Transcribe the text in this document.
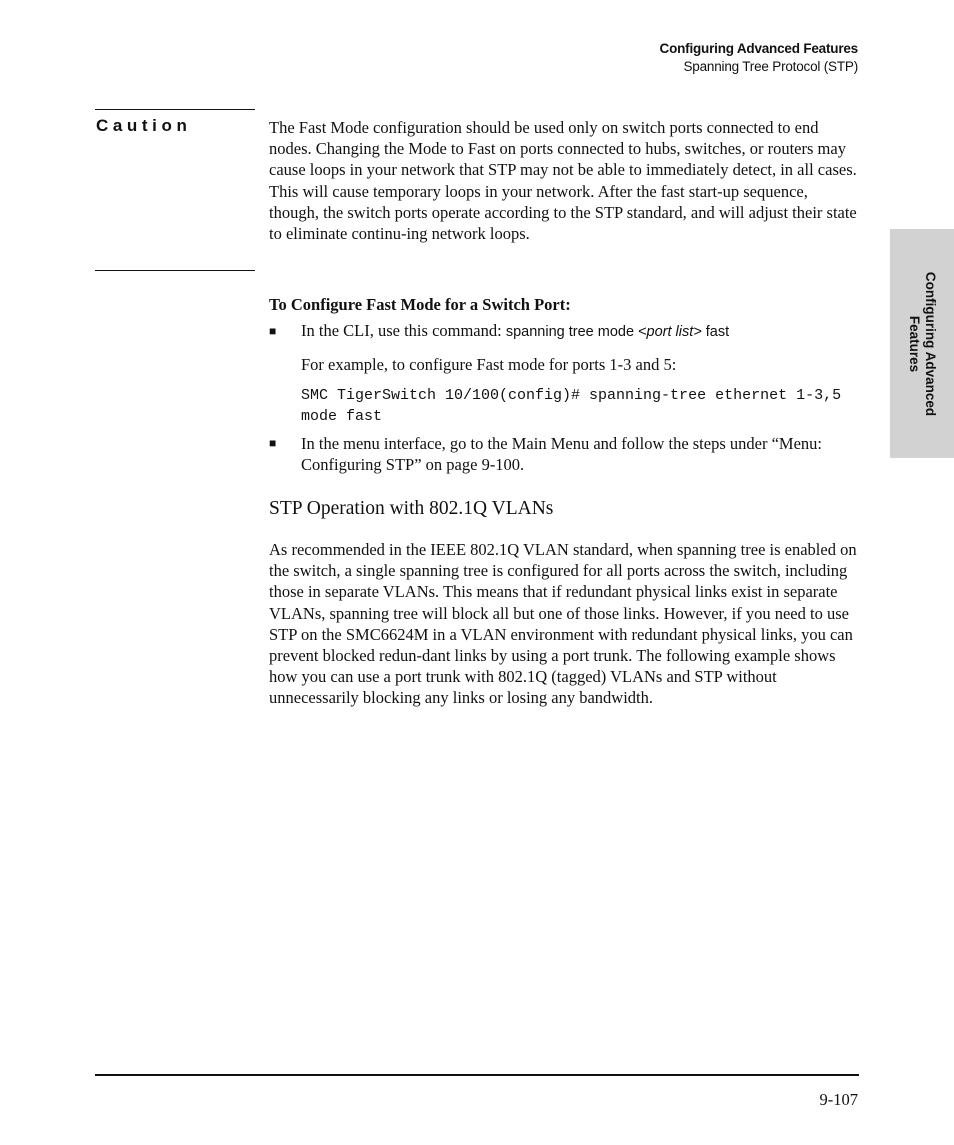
Configuring Advanced Features
Spanning Tree Protocol (STP)
Caution	The Fast Mode configuration should be used only on switch ports connected to end nodes. Changing the Mode to Fast on ports connected to hubs, switches, or routers may cause loops in your network that STP may not be able to immediately detect, in all cases. This will cause temporary loops in your network. After the fast start-up sequence, though, the switch ports operate according to the STP standard, and will adjust their state to eliminate continu-ing network loops.

To Configure Fast Mode for a Switch Port:
■ In the CLI, use this command: spanning tree mode <port list> fast

For example, to configure Fast mode for ports 1-3 and 5:

SMC TigerSwitch 10/100(config)# spanning-tree ethernet 1-3,5 mode fast
■ In the menu interface, go to the Main Menu and follow the steps under “Menu: Configuring STP” on page 9-100.

STP Operation with 802.1Q VLANs

As recommended in the IEEE 802.1Q VLAN standard, when spanning tree is enabled on the switch, a single spanning tree is configured for all ports across the switch, including those in separate VLANs. This means that if redundant physical links exist in separate VLANs, spanning tree will block all but one of those links. However, if you need to use STP on the SMC6624M in a VLAN environment with redundant physical links, you can prevent blocked redun-dant links by using a port trunk. The following example shows how you can use a port trunk with 802.1Q (tagged) VLANs and STP without unnecessarily blocking any links or losing any bandwidth.

Configuring Advanced
Features
9-107
